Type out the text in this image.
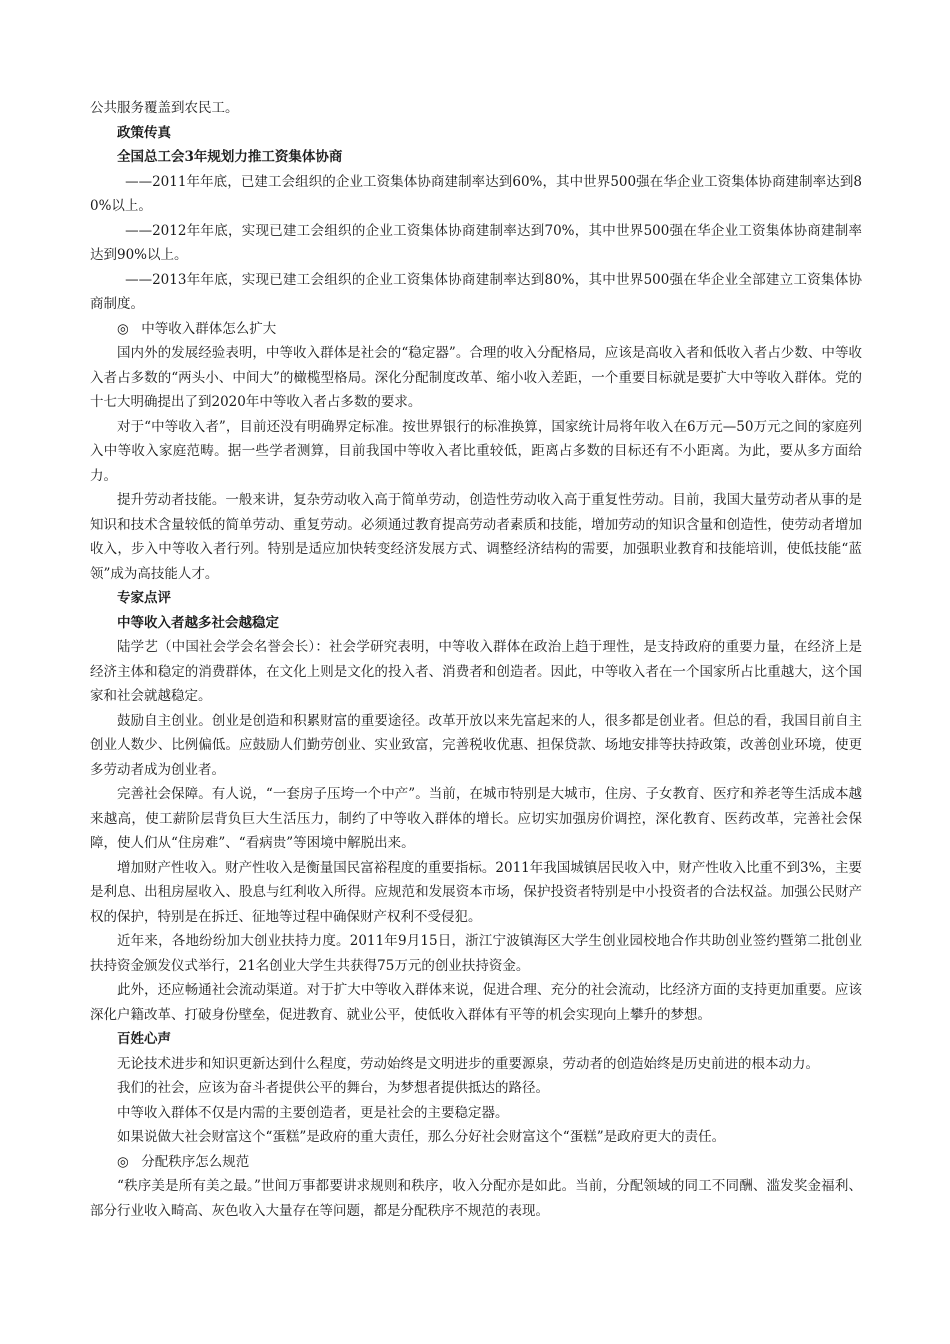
公共服务覆盖到农民工。

政策传真

全国总工会3年规划力推工资集体协商

——2011年年底，已建工会组织的企业工资集体协商建制率达到60%，其中世界500强在华企业工资集体协商建制率达到80%以上。

——2012年年底，实现已建工会组织的企业工资集体协商建制率达到70%，其中世界500强在华企业工资集体协商建制率达到90%以上。

——2013年年底，实现已建工会组织的企业工资集体协商建制率达到80%，其中世界500强在华企业全部建立工资集体协商制度。

◎ 中等收入群体怎么扩大

国内外的发展经验表明，中等收入群体是社会的“稳定器”。合理的收入分配格局，应该是高收入者和低收入者占少数、中等收入者占多数的“两头小、中间大”的橄榄型格局。深化分配制度改革、缩小收入差距，一个重要目标就是要扩大中等收入群体。党的十七大明确提出了到2020年中等收入者占多数的要求。

对于“中等收入者”，目前还没有明确界定标准。按世界银行的标准换算，国家统计局将年收入在6万元—50万元之间的家庭列入中等收入家庭范畴。据一些学者测算，目前我国中等收入者比重较低，距离占多数的目标还有不小距离。为此，要从多方面给力。

提升劳动者技能。一般来讲，复杂劳动收入高于简单劳动，创造性劳动收入高于重复性劳动。目前，我国大量劳动者从事的是知识和技术含量较低的简单劳动、重复劳动。必须通过教育提高劳动者素质和技能，增加劳动的知识含量和创造性，使劳动者增加收入，步入中等收入者行列。特别是适应加快转变经济发展方式、调整经济结构的需要，加强职业教育和技能培训，使低技能“蓝领”成为高技能人才。

专家点评

中等收入者越多社会越稳定

陆学艺（中国社会学会名誉会长）：社会学研究表明，中等收入群体在政治上趋于理性，是支持政府的重要力量，在经济上是经济主体和稳定的消费群体，在文化上则是文化的投入者、消费者和创造者。因此，中等收入者在一个国家所占比重越大，这个国家和社会就越稳定。

鼓励自主创业。创业是创造和积累财富的重要途径。改革开放以来先富起来的人，很多都是创业者。但总的看，我国目前自主创业人数少、比例偏低。应鼓励人们勤劳创业、实业致富，完善税收优惠、担保贷款、场地安排等扶持政策，改善创业环境，使更多劳动者成为创业者。

完善社会保障。有人说，“一套房子压垮一个中产”。当前，在城市特别是大城市，住房、子女教育、医疗和养老等生活成本越来越高，使工薪阶层背负巨大生活压力，制约了中等收入群体的增长。应切实加强房价调控，深化教育、医药改革，完善社会保障，使人们从“住房难”、“看病贵”等困境中解脱出来。

增加财产性收入。财产性收入是衡量国民富裕程度的重要指标。2011年我国城镇居民收入中，财产性收入比重不到3%，主要是利息、出租房屋收入、股息与红利收入所得。应规范和发展资本市场，保护投资者特别是中小投资者的合法权益。加强公民财产权的保护，特别是在拆迁、征地等过程中确保财产权利不受侵犯。

近年来，各地纷纷加大创业扶持力度。2011年9月15日，浙江宁波镇海区大学生创业园校地合作共助创业签约暨第二批创业扶持资金颁发仪式举行，21名创业大学生共获得75万元的创业扶持资金。

此外，还应畅通社会流动渠道。对于扩大中等收入群体来说，促进合理、充分的社会流动，比经济方面的支持更加重要。应该深化户籍改革、打破身份壁垒，促进教育、就业公平，使低收入群体有平等的机会实现向上攀升的梦想。

百姓心声

无论技术进步和知识更新达到什么程度，劳动始终是文明进步的重要源泉，劳动者的创造始终是历史前进的根本动力。

我们的社会，应该为奋斗者提供公平的舞台，为梦想者提供抵达的路径。

中等收入群体不仅是内需的主要创造者，更是社会的主要稳定器。

如果说做大社会财富这个“蛋糕”是政府的重大责任，那么分好社会财富这个“蛋糕”是政府更大的责任。

◎ 分配秩序怎么规范

“秩序美是所有美之最。”世间万事都要讲求规则和秩序，收入分配亦是如此。当前，分配领域的同工不同酬、滥发奖金福利、部分行业收入畸高、灰色收入大量存在等问题，都是分配秩序不规范的表现。
